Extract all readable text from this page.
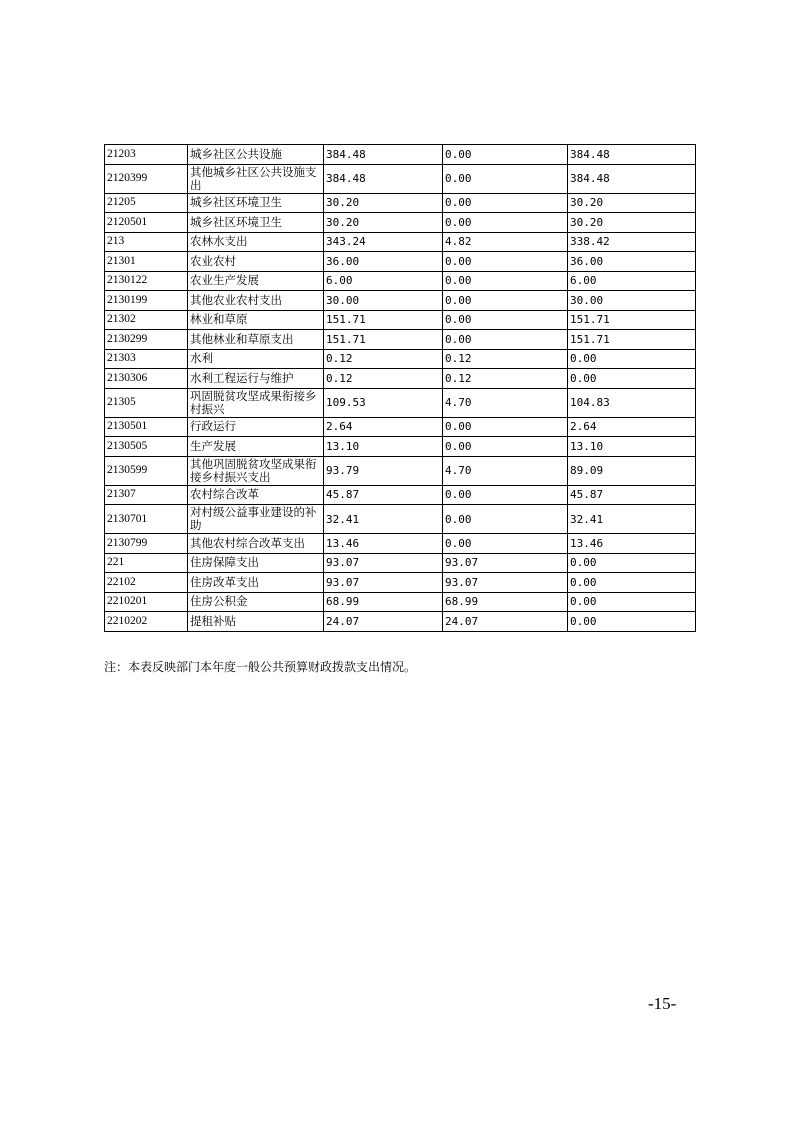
21203	城乡社区公共设施	384.48	0.00	384.48
2120399	其他城乡社区公共设施支出	384.48	0.00	384.48
21205	城乡社区环境卫生	30.20	0.00	30.20
2120501	城乡社区环境卫生	30.20	0.00	30.20
213	农林水支出	343.24	4.82	338.42
21301	农业农村	36.00	0.00	36.00
2130122	农业生产发展	6.00	0.00	6.00
2130199	其他农业农村支出	30.00	0.00	30.00
21302	林业和草原	151.71	0.00	151.71
2130299	其他林业和草原支出	151.71	0.00	151.71
21303	水利	0.12	0.12	0.00
2130306	水利工程运行与维护	0.12	0.12	0.00
21305	巩固脱贫攻坚成果衔接乡村振兴	109.53	4.70	104.83
2130501	行政运行	2.64	0.00	2.64
2130505	生产发展	13.10	0.00	13.10
2130599	其他巩固脱贫攻坚成果衔接乡村振兴支出	93.79	4.70	89.09
21307	农村综合改革	45.87	0.00	45.87
2130701	对村级公益事业建设的补助	32.41	0.00	32.41
2130799	其他农村综合改革支出	13.46	0.00	13.46
221	住房保障支出	93.07	93.07	0.00
22102	住房改革支出	93.07	93.07	0.00
2210201	住房公积金	68.99	68.99	0.00
2210202	提租补贴	24.07	24.07	0.00
注：本表反映部门本年度一般公共预算财政拨款支出情况。
-15-
